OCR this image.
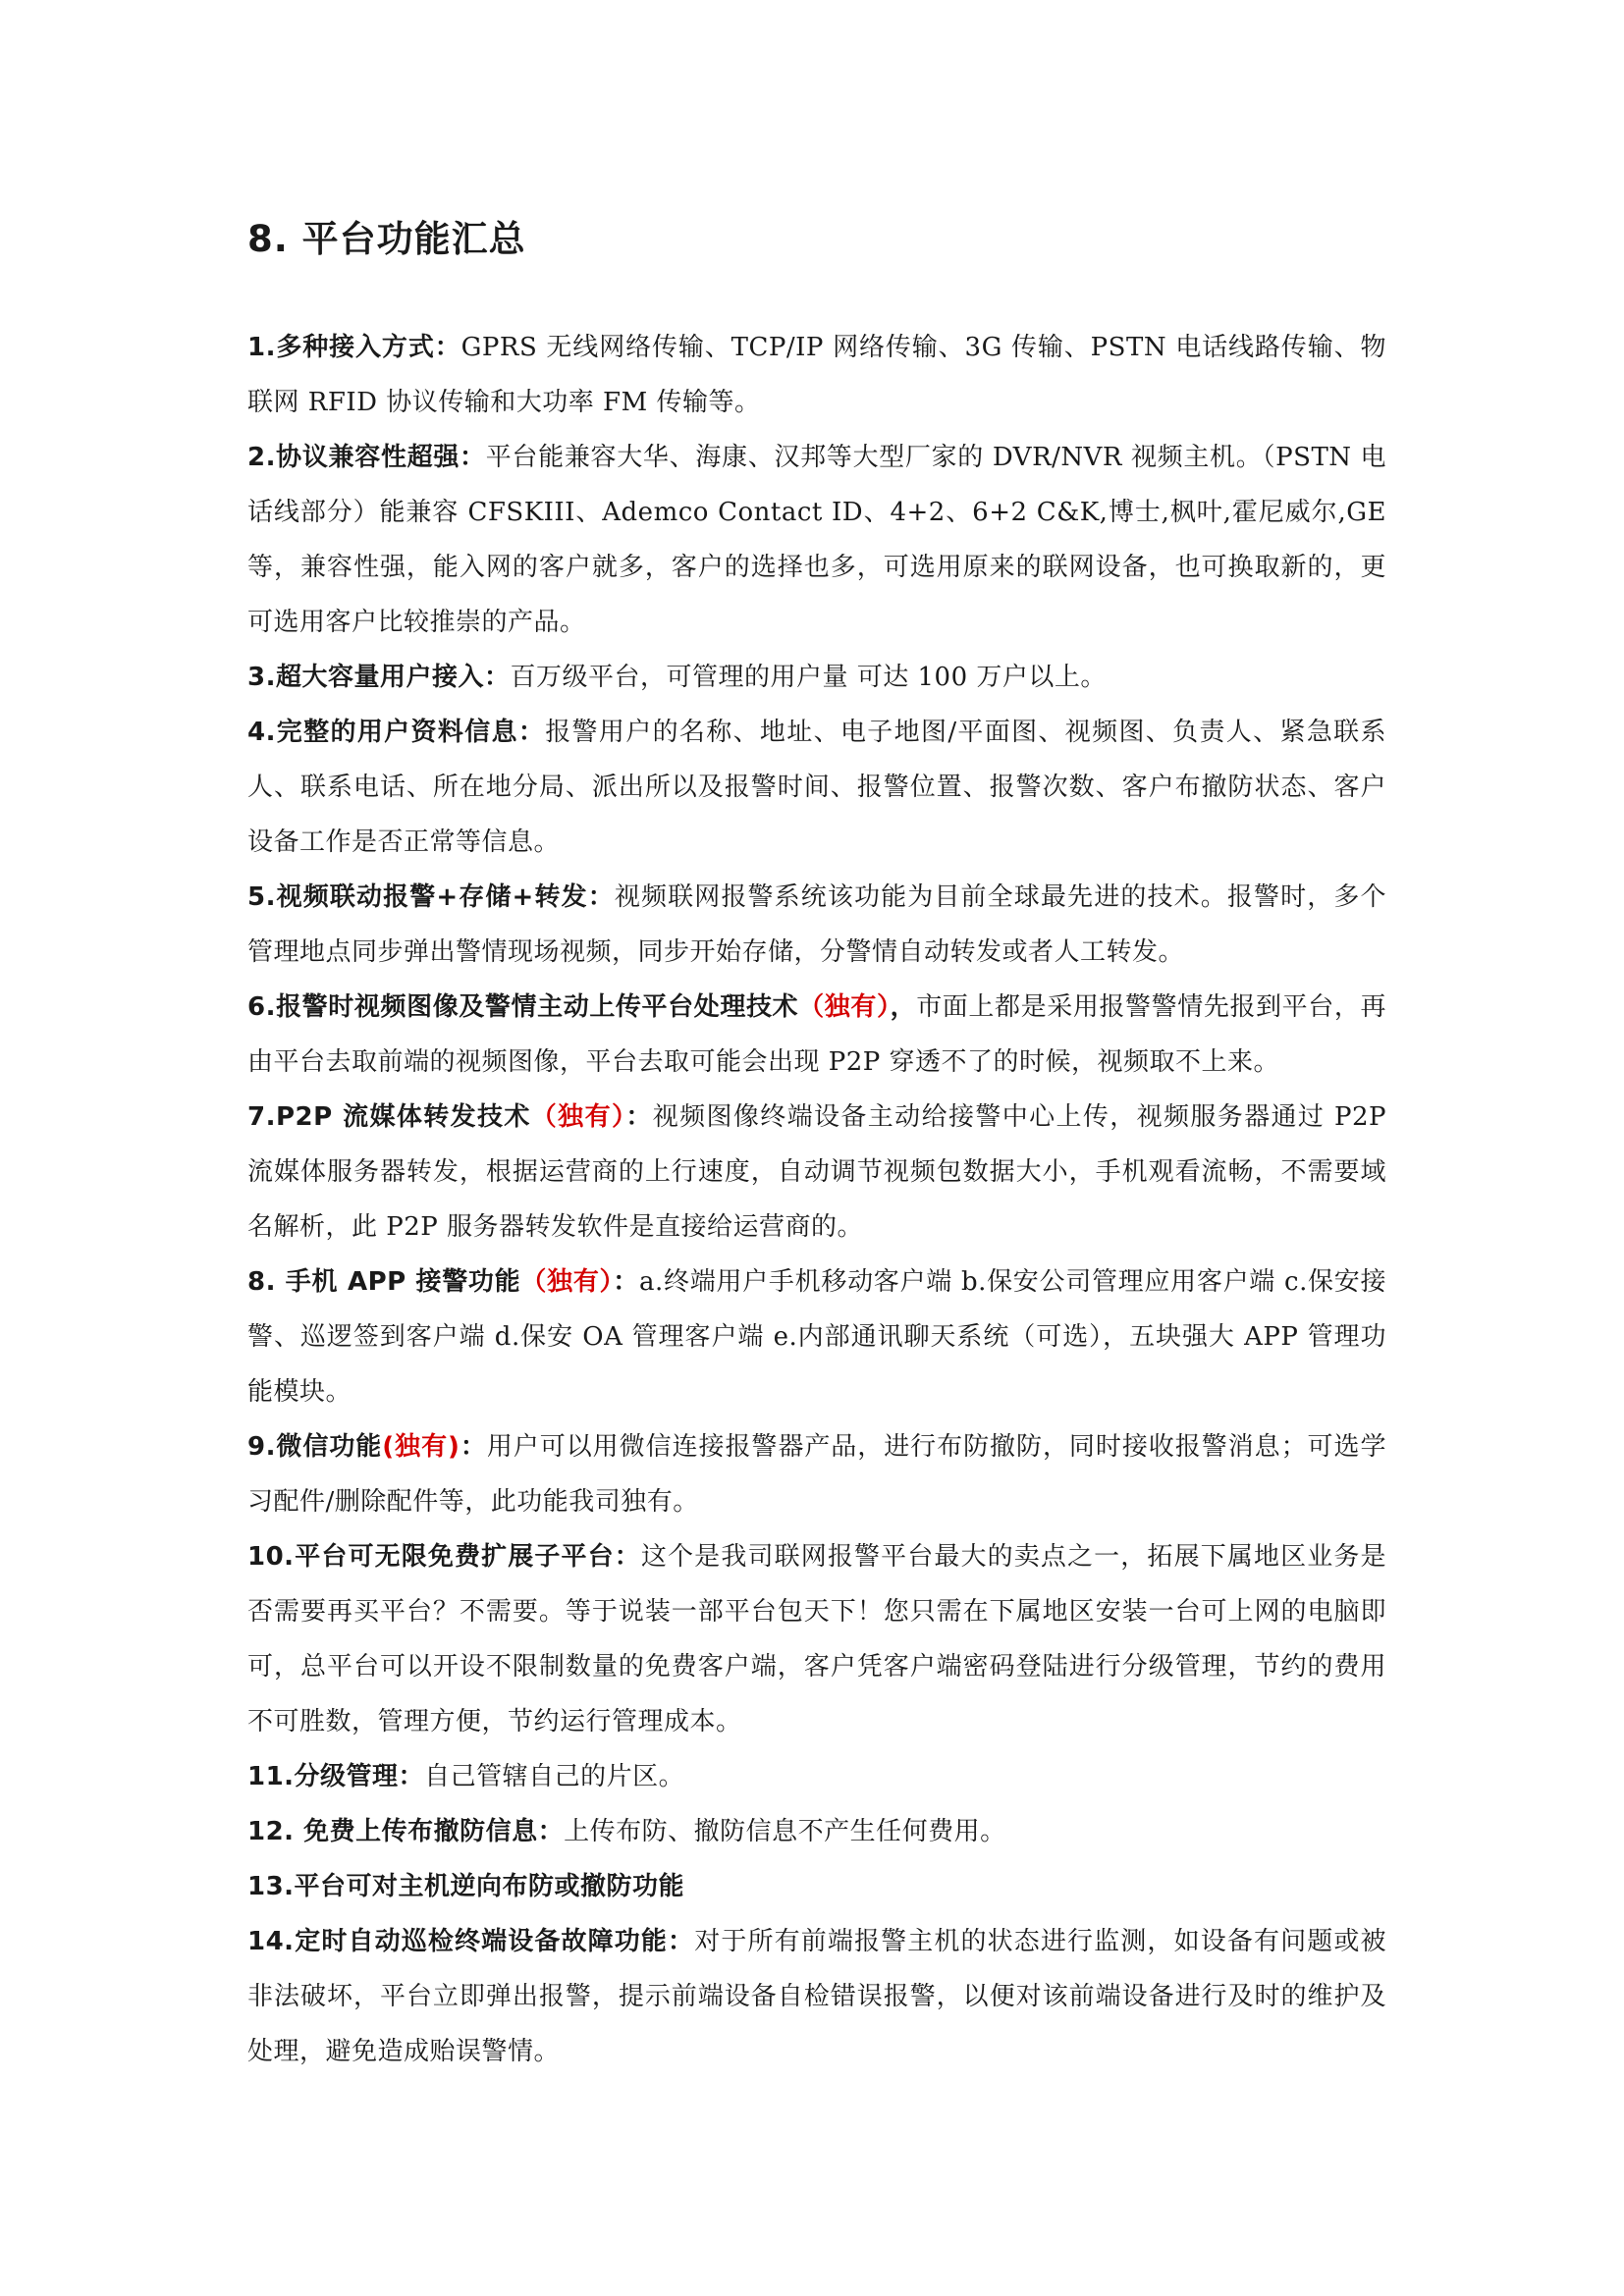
8. 平台功能汇总

1.多种接入方式：GPRS 无线网络传输、TCP/IP 网络传输、3G 传输、PSTN 电话线路传输、物联网 RFID 协议传输和大功率 FM 传输等。

2.协议兼容性超强：平台能兼容大华、海康、汉邦等大型厂家的 DVR/NVR 视频主机。（PSTN 电话线部分）能兼容 CFSKIII、Ademco Contact ID、4+2、6+2 C&K,博士,枫叶,霍尼威尔,GE 等，兼容性强，能入网的客户就多，客户的选择也多，可选用原来的联网设备，也可换取新的，更可选用客户比较推崇的产品。

3.超大容量用户接入：百万级平台，可管理的用户量 可达 100 万户以上。

4.完整的用户资料信息：报警用户的名称、地址、电子地图/平面图、视频图、负责人、紧急联系人、联系电话、所在地分局、派出所以及报警时间、报警位置、报警次数、客户布撤防状态、客户设备工作是否正常等信息。

5.视频联动报警+存储+转发：视频联网报警系统该功能为目前全球最先进的技术。报警时，多个管理地点同步弹出警情现场视频，同步开始存储，分警情自动转发或者人工转发。

6.报警时视频图像及警情主动上传平台处理技术（独有），市面上都是采用报警警情先报到平台，再由平台去取前端的视频图像，平台去取可能会出现 P2P 穿透不了的时候，视频取不上来。

7.P2P 流媒体转发技术（独有）：视频图像终端设备主动给接警中心上传，视频服务器通过 P2P 流媒体服务器转发，根据运营商的上行速度，自动调节视频包数据大小，手机观看流畅，不需要域名解析，此 P2P 服务器转发软件是直接给运营商的。

8. 手机 APP 接警功能（独有）：a.终端用户手机移动客户端 b.保安公司管理应用客户端 c.保安接警、巡逻签到客户端 d.保安 OA 管理客户端 e.内部通讯聊天系统（可选），五块强大 APP 管理功能模块。

9.微信功能(独有)：用户可以用微信连接报警器产品，进行布防撤防，同时接收报警消息；可选学习配件/删除配件等，此功能我司独有。

10.平台可无限免费扩展子平台：这个是我司联网报警平台最大的卖点之一，拓展下属地区业务是否需要再买平台？不需要。等于说装一部平台包天下！您只需在下属地区安装一台可上网的电脑即可，总平台可以开设不限制数量的免费客户端，客户凭客户端密码登陆进行分级管理，节约的费用不可胜数，管理方便，节约运行管理成本。

11.分级管理：自己管辖自己的片区。

12. 免费上传布撤防信息：上传布防、撤防信息不产生任何费用。

13.平台可对主机逆向布防或撤防功能

14.定时自动巡检终端设备故障功能：对于所有前端报警主机的状态进行监测，如设备有问题或被非法破坏，平台立即弹出报警，提示前端设备自检错误报警，以便对该前端设备进行及时的维护及处理，避免造成贻误警情。
